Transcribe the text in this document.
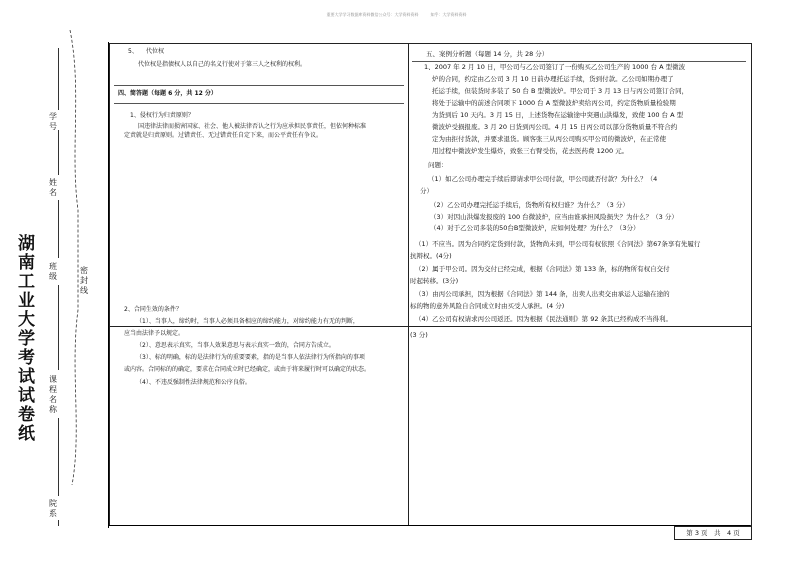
重要大学学习数据库资料微信公众号：大学资料资料　　　知乎：大学资料资料
湖南工业大学考试试卷纸
学号
姓名
班级
课程名称
院系
密封线
5、 代位权
代位权是指债权人以自己的名义行使对于第三人之权利的权利。
四、简答题（每题 6 分，共 12 分）
1、侵权行为归责原则？
国违律法律而损害国家、社会、他人被法律否认之行为应承担民事责任，但依何种标准
定责就是归责原则。过错责任、无过错责任自定下来，而公平责任有争议。
2、合同生效的条件？
五、案例分析题（每题 14 分，共 28 分）
1、2007 年 2 月 10 日，甲公司与乙公司签订了一份购买乙公司生产的 1000 台 A 型微波
炉的合同，约定由乙公司 3 月 10 日前办理托运手续，货到付款。乙公司如期办理了
托运手续，但装货时多装了 50 台 B 型微波炉。甲公司于 3 月 13 日与丙公司签订合同，
将处于运输中的前述合同项下 1000 台 A 型微波炉卖给丙公司，约定货物质量检验期
为货到后 10 天内。3 月 15 日，上述货物在运输途中突遇山洪爆发，致使 100 台 A 型
微波炉受损报废。3 月 20 日货到丙公司。4 月 15 日丙公司以部分货物质量不符合约
定为由拒付货款，并要求退货。顾客张三从丙公司购买甲公司的微波炉，在正常使
用过程中微波炉发生爆炸，致张三右臂受伤，花去医药费 1200 元。
问题：
（1）如乙公司办理完手续后即请求甲公司付款，甲公司就否付款？为什么？（4
分）
（2）乙公司办理完托运手续后，货物所有权归谁？为什么？（3 分）
（3）对因山洪爆发报废的 100 台微波炉，应当由谁承担风险损失？为什么？（3 分）
（4）对于乙公司多装的50台B型微波炉，应如何处理？为什么？（3分）
（1）不应当。因为合同约定货到付款，货物尚未到，甲公司有权依照《合同法》第67条享有先履行
抗辩权。(4分)
（2）属于甲公司。因为交付已经完成，根据《合同法》第 133 条，标的物所有权自交付
时起转移。(3分)
（3）由丙公司承担，因为根据《合同法》第 144 条，出卖人出卖交由承运人运输在途的
标的物的意外风险自合同成立时由买受人承担。(4 分)
（4）乙公司有权请求丙公司返还。因为根据《民法通则》第 92 条其已经构成不当得利。
（1）、当事人，缔约时，当事人必须具备相应的缔约能力，对缔约能力有无的判断，
应当由法律予以规定。
（2）、意思表示真实，当事人效果意思与表示真实一致的，合同方告成立。
（3）、标的明确，标的是法律行为的重要要素，指的是当事人依法律行为所指向的事项
或内容。合同标的的确定，要求在合同成立时已经确定，或由于将来履行时可以确定的状态。
（4）、不违反强制性法律规范和公序良俗。
(3 分)
第 3 页　共　4 页
